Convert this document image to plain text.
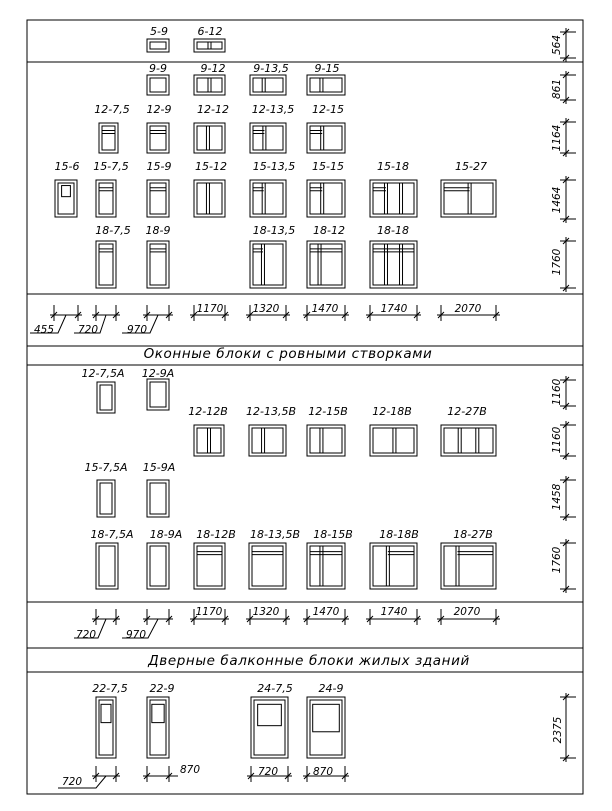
Оконные блоки с ровными створками
Дверные балконные блоки жилых зданий
5-9	6-12
9-9	9-12	9-13,5 9-15
12-7,5 12-9 12-12 12-13,5 12-15
15-6 15-7,5 15-9 15-12 15-13,5 15-15	15-18	15-27
18-7,5 18-9	18-13,5 18-12	18-18
12-7,5А 12-9А
12-12В 12-13,5В 12-15В 12-18В	12-27В
15-7,5А 15-9А
18-7,5А 18-9А 18-12В 18-13,5В 18-15В 18-18В	18-27В
22-7,5 22-9	24-7,5 24-9
564
861
1164
1464
1760
1160
1160
1458
1760
2375
455 720	970
1170	1320	1470	1740	2070
720	970
1170	1320	1470	1740	2070
720
870	720	870
